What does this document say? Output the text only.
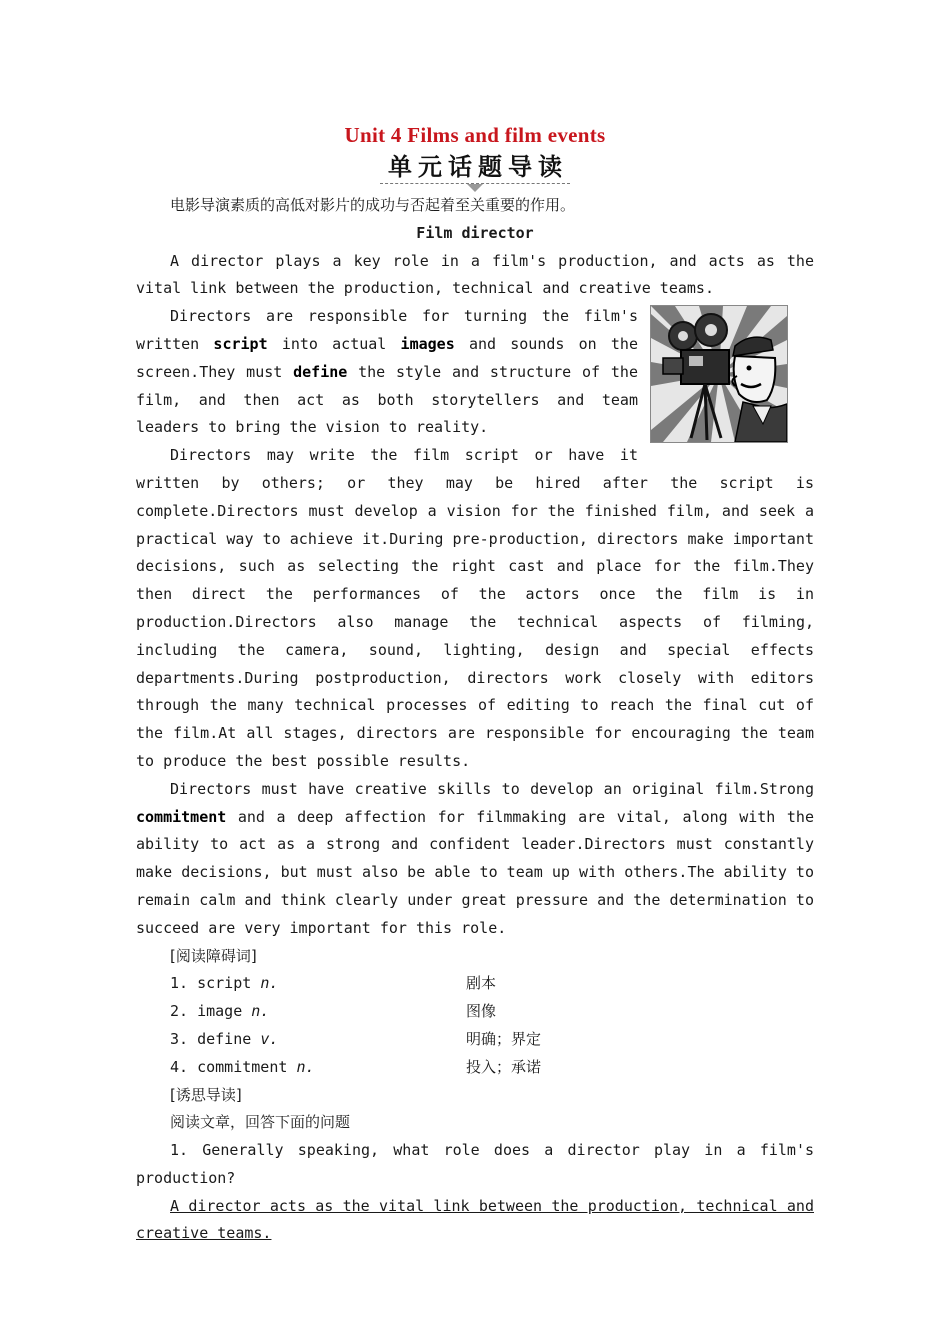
Unit 4 Films and film events
单元话题导读

电影导演素质的高低对影片的成功与否起着至关重要的作用。

Film director

A director plays a key role in a film's production, and acts as the vital link between the production, technical and creative teams.

Directors are responsible for turning the film's written script into actual images and sounds on the screen.They must define the style and structure of the film, and then act as both storytellers and team leaders to bring the vision to reality.

Directors may write the film script or have it written by others; or they may be hired after the script is complete.Directors must develop a vision for the finished film, and seek a practical way to achieve it.During pre-production, directors make important decisions, such as selecting the right cast and place for the film.They then direct the performances of the actors once the film is in production.Directors also manage the technical aspects of filming, including the camera, sound, lighting, design and special effects departments.During postproduction, directors work closely with editors through the many technical processes of editing to reach the final cut of the film.At all stages, directors are responsible for encouraging the team to produce the best possible results.

Directors must have creative skills to develop an original film.Strong commitment and a deep affection for filmmaking are vital, along with the ability to act as a strong and confident leader.Directors must constantly make decisions, but must also be able to team up with others.The ability to remain calm and think clearly under great pressure and the determination to succeed are very important for this role.

[阅读障碍词]

1. script n.	剧本
2. image n.	图像
3. define v.	明确；界定
4. commitment n.	投入；承诺

[诱思导读]

阅读文章，回答下面的问题

1. Generally speaking, what role does a director play in a film's production?

A director acts as the vital link between the production, technical and creative teams.
